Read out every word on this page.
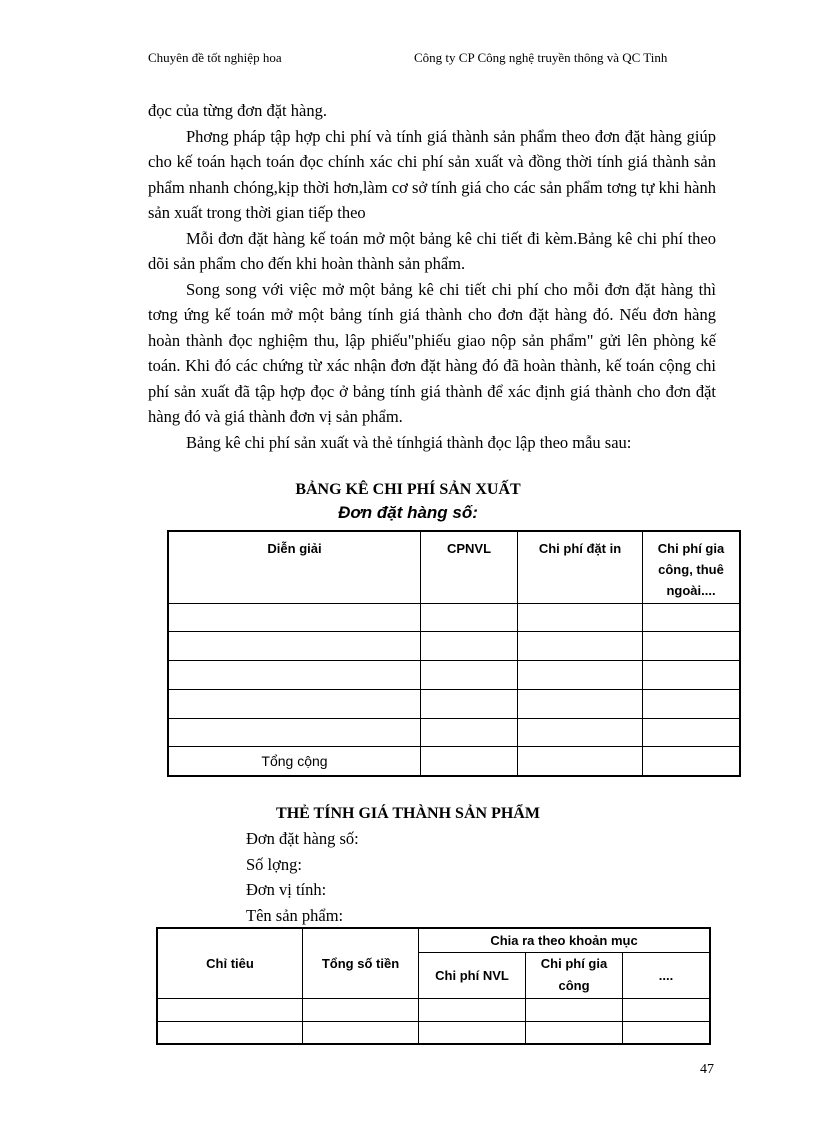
Chuyên đề tốt nghiệp hoa	Công ty CP Công nghệ truyền thông và QC Tinh

đọc của từng đơn đặt hàng.

Phơng pháp tập hợp chi phí và tính giá thành sản phẩm theo đơn đặt hàng giúp cho kế toán hạch toán đọc chính xác chi phí sản xuất và đồng thời tính giá thành sản phẩm nhanh chóng,kịp thời hơn,làm cơ sở tính giá cho các sản phẩm tơng tự khi hành sản xuất trong thời gian tiếp theo

Mỗi đơn đặt hàng kế toán mở một bảng kê chi tiết đi kèm.Bảng kê chi phí theo dõi sản phẩm cho đến khi hoàn thành sản phẩm.

Song song với việc mở một bảng kê chi tiết chi phí cho mỗi đơn đặt hàng thì tơng ứng kế toán mở một bảng tính giá thành cho đơn đặt hàng đó. Nếu đơn hàng hoàn thành đọc nghiệm thu, lập phiếu"phiếu giao nộp sản phẩm" gửi lên phòng kế toán. Khi đó các chứng từ xác nhận đơn đặt hàng đó đã hoàn thành, kế toán cộng chi phí sản xuất đã tập hợp đọc ở bảng tính giá thành để xác định giá thành cho đơn đặt hàng đó và giá thành đơn vị sản phẩm.

Bảng kê chi phí sản xuất và thẻ tínhgiá thành đọc lập theo mẫu sau:

BẢNG KÊ CHI PHÍ SẢN XUẤT
Đơn đặt hàng số:
Diễn giải	CPNVL	Chi phí đặt in	Chi phí gia công, thuê ngoài....

Tổng cộng			
THẺ TÍNH GIÁ THÀNH SẢN PHẨM
Đơn đặt hàng số:
Số lợng:
Đơn vị tính:
Tên sản phẩm:
Chỉ tiêu	Tổng số tiền	Chia ra theo khoản mục		
		Chi phí NVL	Chi phí gia công	....

47
